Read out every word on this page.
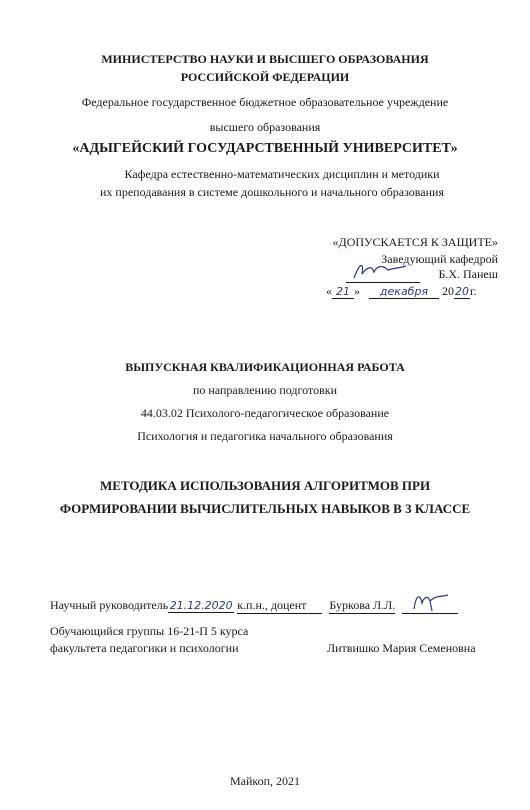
МИНИСТЕРСТВО НАУКИ И ВЫСШЕГО ОБРАЗОВАНИЯ
РОССИЙСКОЙ ФЕДЕРАЦИИ
Федеральное государственное бюджетное образовательное учреждение
высшего образования
«АДЫГЕЙСКИЙ ГОСУДАРСТВЕННЫЙ УНИВЕРСИТЕТ»
Кафедра естественно-математических дисциплин и методики
их преподавания в системе дошкольного и начального образования
«ДОПУСКАЕТСЯ К ЗАЩИТЕ»
Заведующий кафедрой
Б.Х. Панеш
« 21 » декабря 2020г.
ВЫПУСКНАЯ КВАЛИФИКАЦИОННАЯ РАБОТА
по направлению подготовки
44.03.02 Психолого-педагогическое образование
Психология и педагогика начального образования
МЕТОДИКА ИСПОЛЬЗОВАНИЯ АЛГОРИТМОВ ПРИ
ФОРМИРОВАНИИ ВЫЧИСЛИТЕЛЬНЫХ НАВЫКОВ В 3 КЛАССЕ
Научный руководитель 21.12.2020 к.п.н., доцент Буркова Л.Л.
Обучающийся группы 16-21-П 5 курса
факультета педагогики и психологии	Литвишко Мария Семеновна
Майкоп, 2021
